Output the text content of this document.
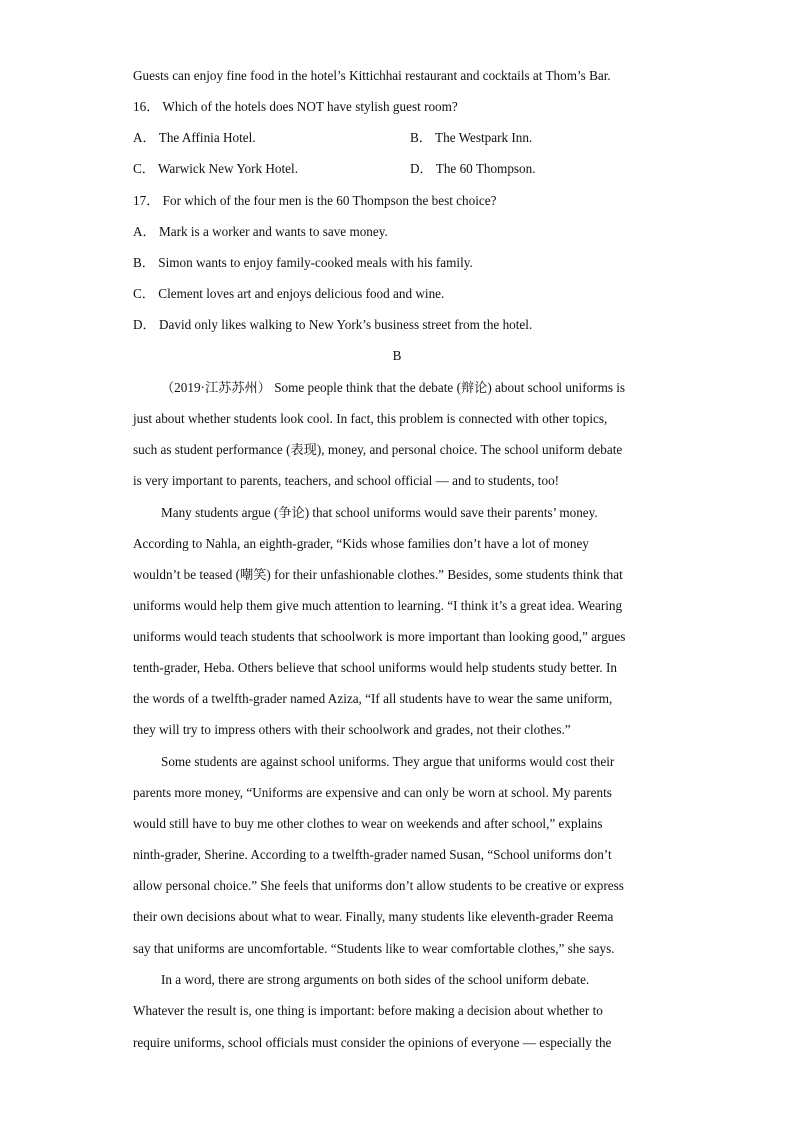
Guests can enjoy fine food in the hotel’s Kittichhai restaurant and cocktails at Thom’s Bar.
16． Which of the hotels does NOT have stylish guest room?
A． The Affinia Hotel.	B． The Westpark Inn.
C． Warwick New York Hotel.	D． The 60 Thompson.
17． For which of the four men is the 60 Thompson the best choice?
A． Mark is a worker and wants to save money.
B． Simon wants to enjoy family-cooked meals with his family.
C． Clement loves art and enjoys delicious food and wine.
D． David only likes walking to New York’s business street from the hotel.
B
（2019·江苏苏州） Some people think that the debate (辩论) about school uniforms is
just about whether students look cool. In fact, this problem is connected with other topics,
such as student performance (表现), money, and personal choice. The school uniform debate
is very important to parents, teachers, and school official — and to students, too!
Many students argue (争论) that school uniforms would save their parents’ money.
According to Nahla, an eighth-grader, “Kids whose families don’t have a lot of money
wouldn’t be teased (嘲笑) for their unfashionable clothes.” Besides, some students think that
uniforms would help them give much attention to learning. “I think it’s a great idea. Wearing
uniforms would teach students that schoolwork is more important than looking good,” argues
tenth-grader, Heba. Others believe that school uniforms would help students study better. In
the words of a twelfth-grader named Aziza, “If all students have to wear the same uniform,
they will try to impress others with their schoolwork and grades, not their clothes.”
Some students are against school uniforms. They argue that uniforms would cost their
parents more money, “Uniforms are expensive and can only be worn at school. My parents
would still have to buy me other clothes to wear on weekends and after school,” explains
ninth-grader, Sherine. According to a twelfth-grader named Susan, “School uniforms don’t
allow personal choice.” She feels that uniforms don’t allow students to be creative or express
their own decisions about what to wear. Finally, many students like eleventh-grader Reema
say that uniforms are uncomfortable. “Students like to wear comfortable clothes,” she says.
In a word, there are strong arguments on both sides of the school uniform debate.
Whatever the result is, one thing is important: before making a decision about whether to
require uniforms, school officials must consider the opinions of everyone — especially the
